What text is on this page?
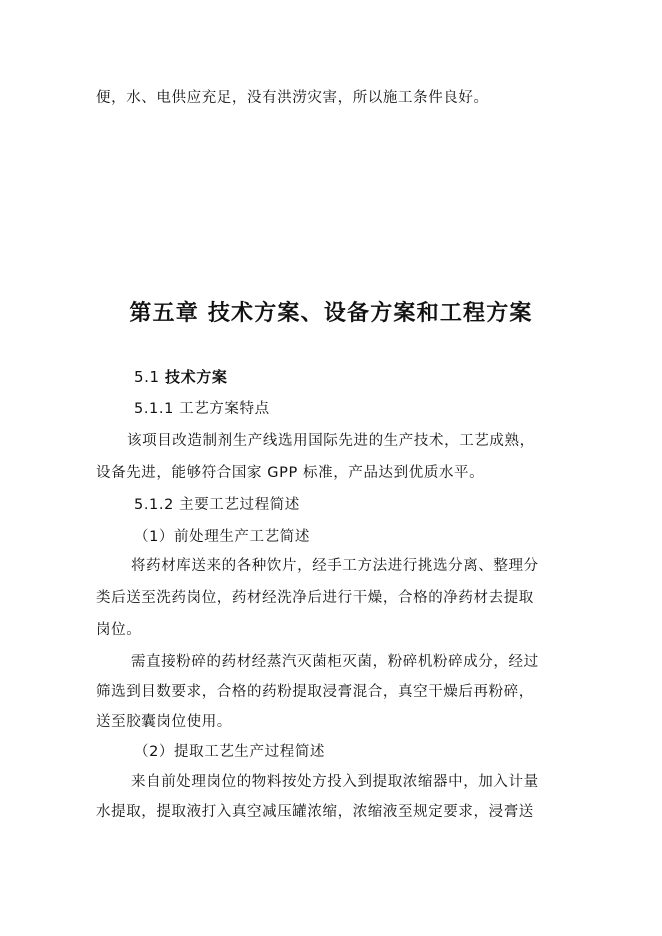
便，水、电供应充足，没有洪涝灾害，所以施工条件良好。
第五章 技术方案、设备方案和工程方案
5.1 技术方案
5.1.1 工艺方案特点
该项目改造制剂生产线选用国际先进的生产技术，工艺成熟，
设备先进，能够符合国家 GPP 标准，产品达到优质水平。
5.1.2 主要工艺过程简述
（1）前处理生产工艺简述
将药材库送来的各种饮片，经手工方法进行挑选分离、整理分
类后送至洗药岗位，药材经洗净后进行干燥，合格的净药材去提取
岗位。
需直接粉碎的药材经蒸汽灭菌柜灭菌，粉碎机粉碎成分，经过
筛选到目数要求，合格的药粉提取浸膏混合，真空干燥后再粉碎，
送至胶囊岗位使用。
（2）提取工艺生产过程简述
来自前处理岗位的物料按处方投入到提取浓缩器中，加入计量
水提取，提取液打入真空减压罐浓缩，浓缩液至规定要求，浸膏送
